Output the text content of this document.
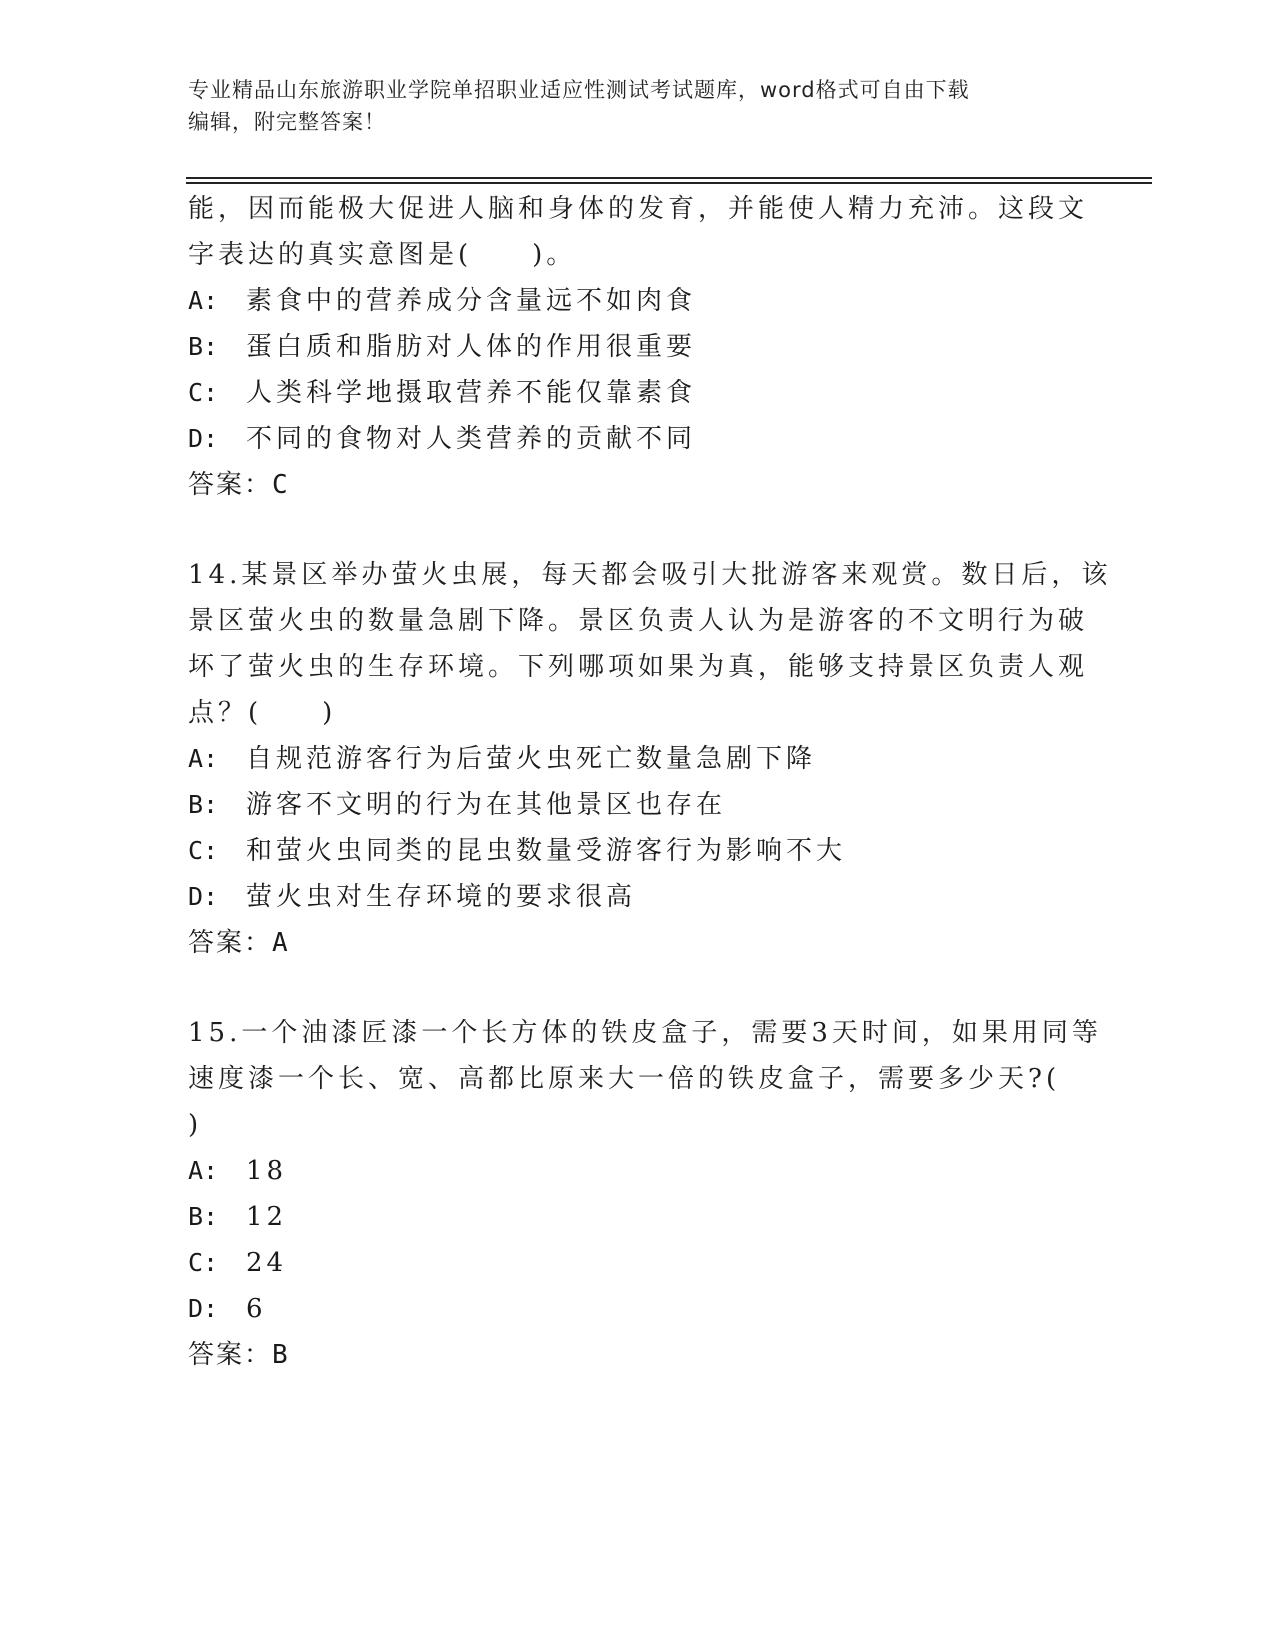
专业精品山东旅游职业学院单招职业适应性测试考试题库，word格式可自由下载
编辑，附完整答案！
能，因而能极大促进人脑和身体的发育，并能使人精力充沛。这段文
字表达的真实意图是(　　)。
A:	素食中的营养成分含量远不如肉食
B:	蛋白质和脂肪对人体的作用很重要
C:	人类科学地摄取营养不能仅靠素食
D:	不同的食物对人类营养的贡献不同
答案：C
14.某景区举办萤火虫展，每天都会吸引大批游客来观赏。数日后，该
景区萤火虫的数量急剧下降。景区负责人认为是游客的不文明行为破
坏了萤火虫的生存环境。下列哪项如果为真，能够支持景区负责人观
点？(　　)
A:	自规范游客行为后萤火虫死亡数量急剧下降
B:	游客不文明的行为在其他景区也存在
C:	和萤火虫同类的昆虫数量受游客行为影响不大
D:	萤火虫对生存环境的要求很高
答案：A
15.一个油漆匠漆一个长方体的铁皮盒子，需要3天时间，如果用同等
速度漆一个长、宽、高都比原来大一倍的铁皮盒子，需要多少天?(
)
A:	18
B:	12
C:	24
D:	6
答案：B
